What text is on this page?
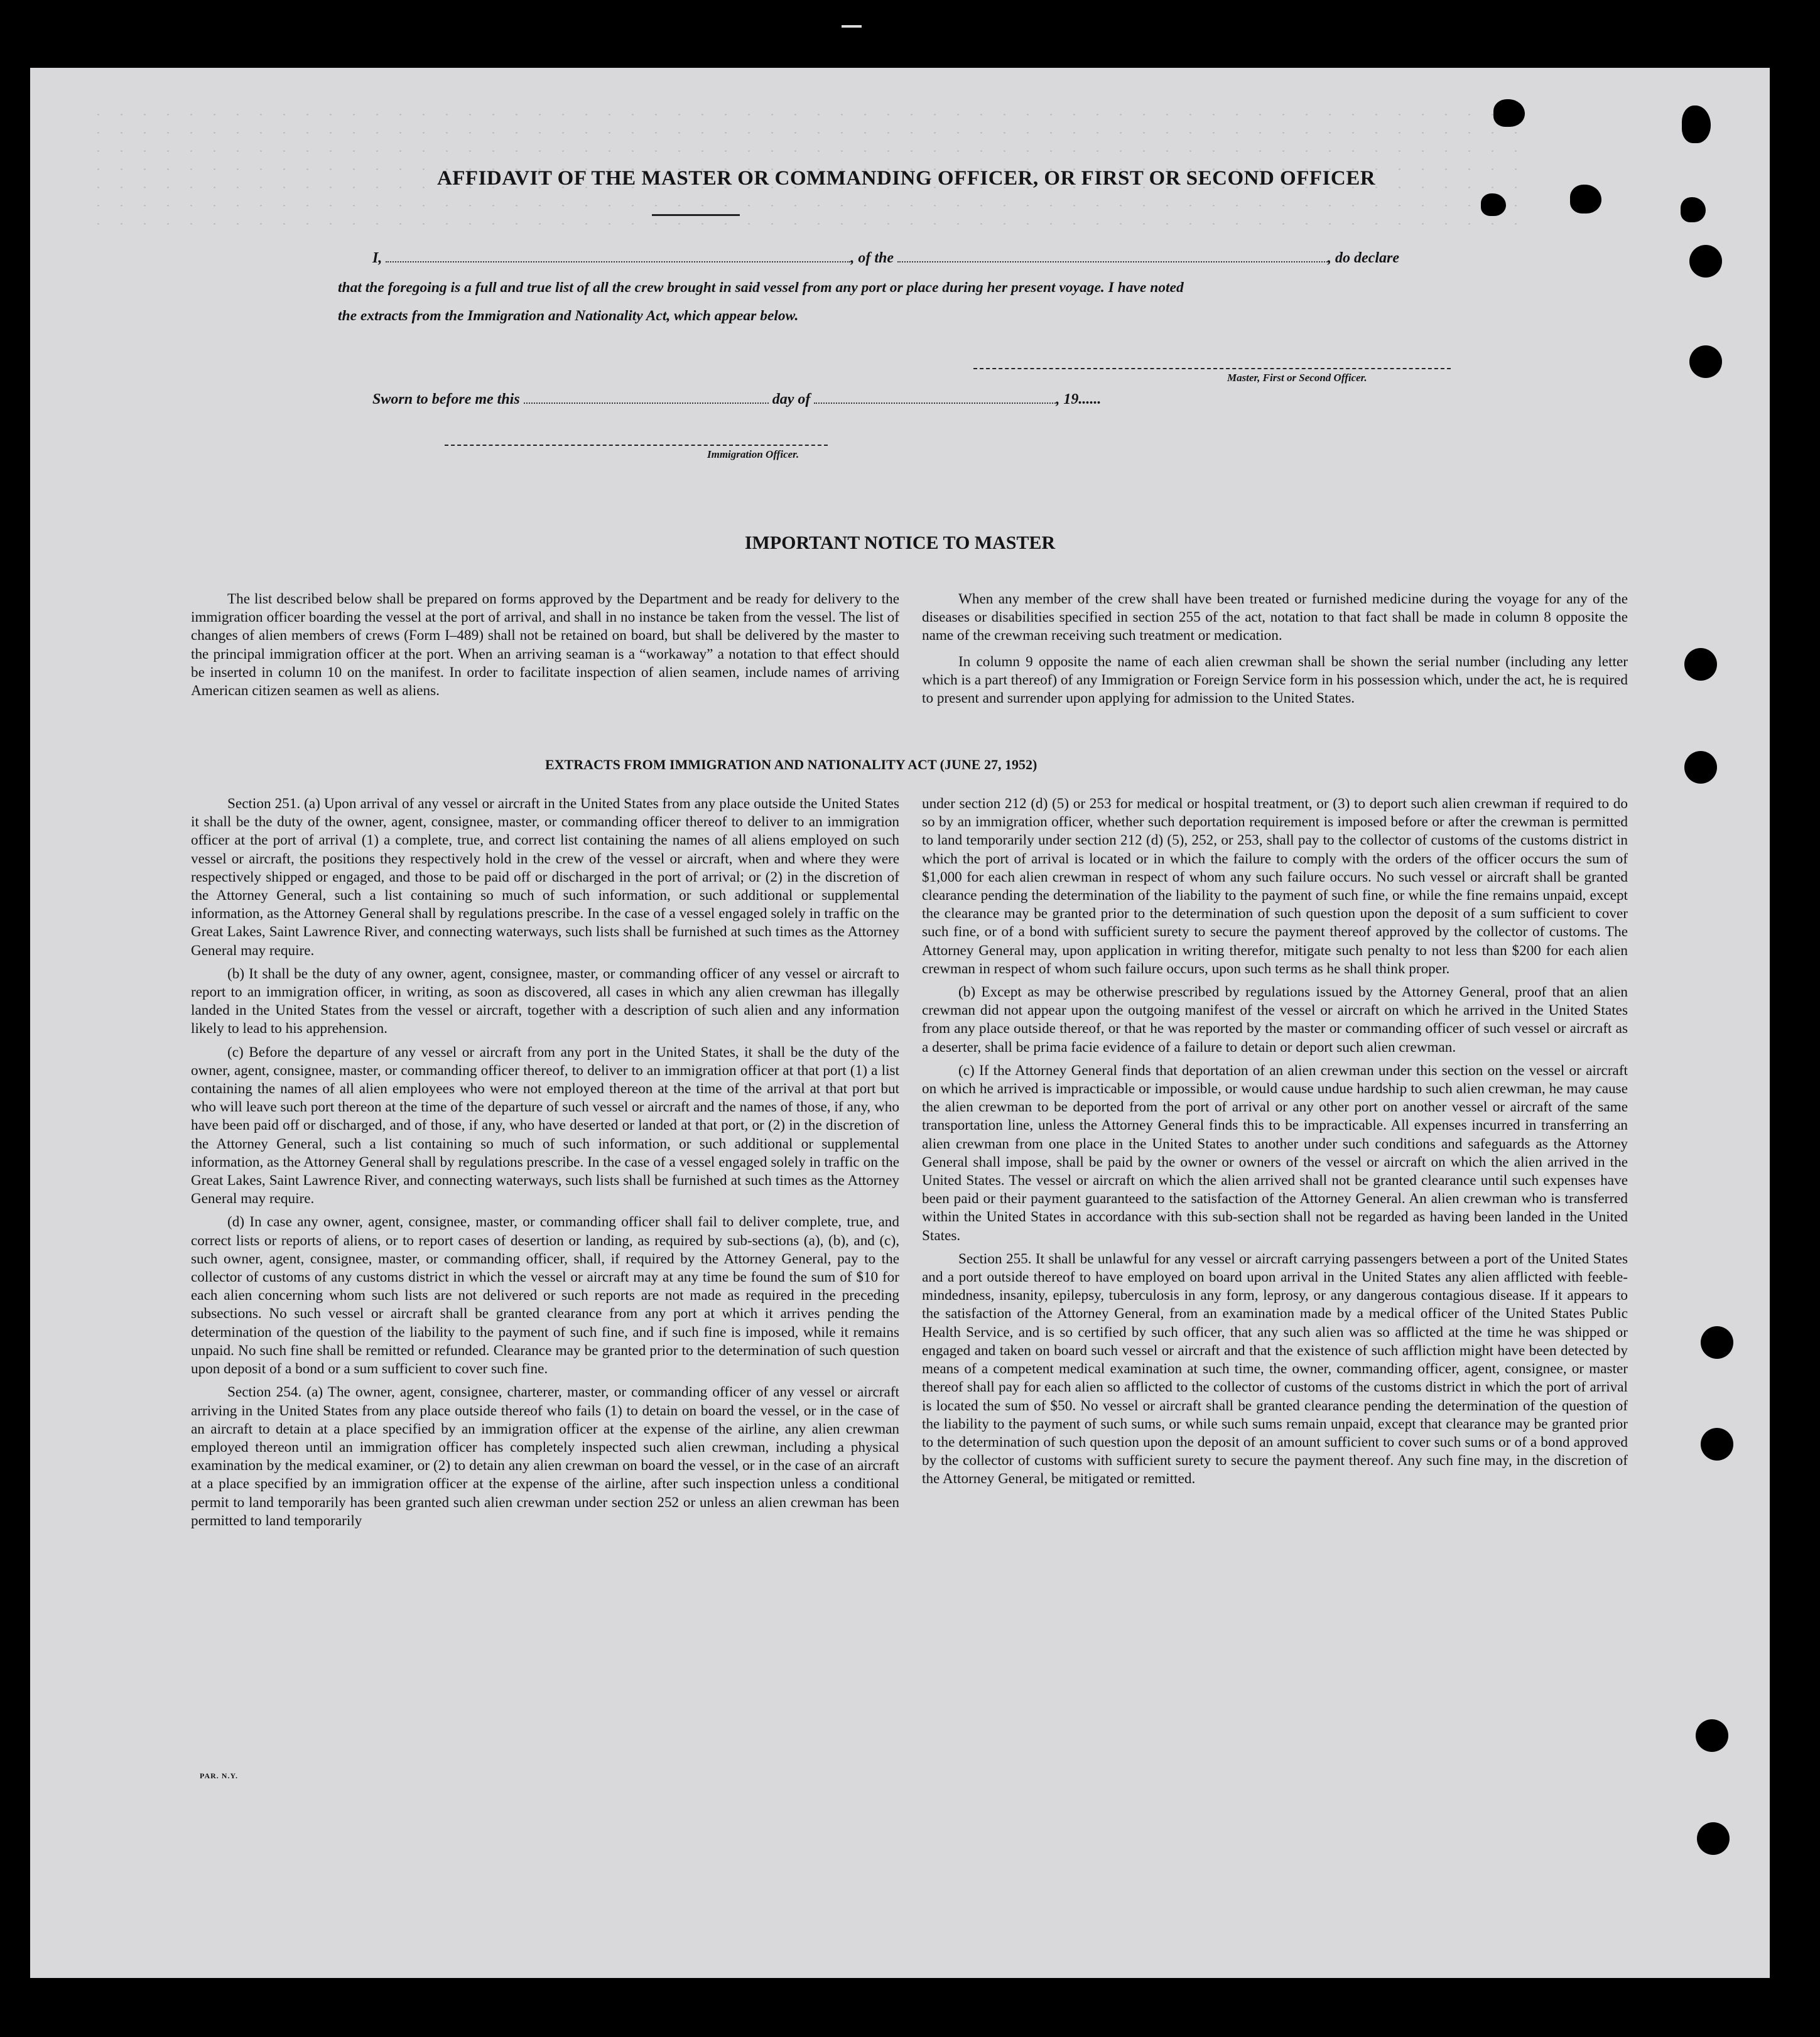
AFFIDAVIT OF THE MASTER OR COMMANDING OFFICER, OR FIRST OR SECOND OFFICER
I,	, of the	, do declare
that the foregoing is a full and true list of all the crew brought in said vessel from any port or place during her present voyage. I have noted
the extracts from the Immigration and Nationality Act, which appear below.
Master, First or Second Officer.
Sworn to before me this	day of	, 19......
Immigration Officer.
IMPORTANT NOTICE TO MASTER

The list described below shall be prepared on forms approved by the Department and be ready for delivery to the immigration officer boarding the vessel at the port of arrival, and shall in no instance be taken from the vessel. The list of changes of alien members of crews (Form I–489) shall not be retained on board, but shall be delivered by the master to the principal immigration officer at the port. When an arriving seaman is a “workaway” a notation to that effect should be inserted in column 10 on the manifest. In order to facilitate inspection of alien seamen, include names of arriving American citizen seamen as well as aliens.

When any member of the crew shall have been treated or furnished medicine during the voyage for any of the diseases or disabilities specified in section 255 of the act, notation to that fact shall be made in column 8 opposite the name of the crewman receiving such treatment or medication.

In column 9 opposite the name of each alien crewman shall be shown the serial number (including any letter which is a part thereof) of any Immigration or Foreign Service form in his possession which, under the act, he is required to present and surrender upon applying for admission to the United States.

EXTRACTS FROM IMMIGRATION AND NATIONALITY ACT (JUNE 27, 1952)

Section 251. (a) Upon arrival of any vessel or aircraft in the United States from any place outside the United States it shall be the duty of the owner, agent, consignee, master, or commanding officer thereof to deliver to an immigration officer at the port of arrival (1) a complete, true, and correct list containing the names of all aliens employed on such vessel or aircraft, the positions they respectively hold in the crew of the vessel or aircraft, when and where they were respectively shipped or engaged, and those to be paid off or discharged in the port of arrival; or (2) in the discretion of the Attorney General, such a list containing so much of such information, or such additional or supplemental information, as the Attorney General shall by regulations prescribe. In the case of a vessel engaged solely in traffic on the Great Lakes, Saint Lawrence River, and connecting waterways, such lists shall be furnished at such times as the Attorney General may require.

(b) It shall be the duty of any owner, agent, consignee, master, or commanding officer of any vessel or aircraft to report to an immigration officer, in writing, as soon as discovered, all cases in which any alien crewman has illegally landed in the United States from the vessel or aircraft, together with a description of such alien and any information likely to lead to his apprehension.

(c) Before the departure of any vessel or aircraft from any port in the United States, it shall be the duty of the owner, agent, consignee, master, or commanding officer thereof, to deliver to an immigration officer at that port (1) a list containing the names of all alien employees who were not employed thereon at the time of the arrival at that port but who will leave such port thereon at the time of the departure of such vessel or aircraft and the names of those, if any, who have been paid off or discharged, and of those, if any, who have deserted or landed at that port, or (2) in the discretion of the Attorney General, such a list containing so much of such information, or such additional or supplemental information, as the Attorney General shall by regulations prescribe. In the case of a vessel engaged solely in traffic on the Great Lakes, Saint Lawrence River, and connecting waterways, such lists shall be furnished at such times as the Attorney General may require.

(d) In case any owner, agent, consignee, master, or commanding officer shall fail to deliver complete, true, and correct lists or reports of aliens, or to report cases of desertion or landing, as required by sub-sections (a), (b), and (c), such owner, agent, consignee, master, or commanding officer, shall, if required by the Attorney General, pay to the collector of customs of any customs district in which the vessel or aircraft may at any time be found the sum of $10 for each alien concerning whom such lists are not delivered or such reports are not made as required in the preceding subsections. No such vessel or aircraft shall be granted clearance from any port at which it arrives pending the determination of the question of the liability to the payment of such fine, and if such fine is imposed, while it remains unpaid. No such fine shall be remitted or refunded. Clearance may be granted prior to the determination of such question upon deposit of a bond or a sum sufficient to cover such fine.

Section 254. (a) The owner, agent, consignee, charterer, master, or commanding officer of any vessel or aircraft arriving in the United States from any place outside thereof who fails (1) to detain on board the vessel, or in the case of an aircraft to detain at a place specified by an immigration officer at the expense of the airline, any alien crewman employed thereon until an immigration officer has completely inspected such alien crewman, including a physical examination by the medical examiner, or (2) to detain any alien crewman on board the vessel, or in the case of an aircraft at a place specified by an immigration officer at the expense of the airline, after such inspection unless a conditional permit to land temporarily has been granted such alien crewman under section 252 or unless an alien crewman has been permitted to land temporarily

under section 212 (d) (5) or 253 for medical or hospital treatment, or (3) to deport such alien crewman if required to do so by an immigration officer, whether such deportation requirement is imposed before or after the crewman is permitted to land temporarily under section 212 (d) (5), 252, or 253, shall pay to the collector of customs of the customs district in which the port of arrival is located or in which the failure to comply with the orders of the officer occurs the sum of $1,000 for each alien crewman in respect of whom any such failure occurs. No such vessel or aircraft shall be granted clearance pending the determination of the liability to the payment of such fine, or while the fine remains unpaid, except the clearance may be granted prior to the determination of such question upon the deposit of a sum sufficient to cover such fine, or of a bond with sufficient surety to secure the payment thereof approved by the collector of customs. The Attorney General may, upon application in writing therefor, mitigate such penalty to not less than $200 for each alien crewman in respect of whom such failure occurs, upon such terms as he shall think proper.

(b) Except as may be otherwise prescribed by regulations issued by the Attorney General, proof that an alien crewman did not appear upon the outgoing manifest of the vessel or aircraft on which he arrived in the United States from any place outside thereof, or that he was reported by the master or commanding officer of such vessel or aircraft as a deserter, shall be prima facie evidence of a failure to detain or deport such alien crewman.

(c) If the Attorney General finds that deportation of an alien crewman under this section on the vessel or aircraft on which he arrived is impracticable or impossible, or would cause undue hardship to such alien crewman, he may cause the alien crewman to be deported from the port of arrival or any other port on another vessel or aircraft of the same transportation line, unless the Attorney General finds this to be impracticable. All expenses incurred in transferring an alien crewman from one place in the United States to another under such conditions and safeguards as the Attorney General shall impose, shall be paid by the owner or owners of the vessel or aircraft on which the alien arrived in the United States. The vessel or aircraft on which the alien arrived shall not be granted clearance until such expenses have been paid or their payment guaranteed to the satisfaction of the Attorney General. An alien crewman who is transferred within the United States in accordance with this sub-section shall not be regarded as having been landed in the United States.

Section 255. It shall be unlawful for any vessel or aircraft carrying passengers between a port of the United States and a port outside thereof to have employed on board upon arrival in the United States any alien afflicted with feeble-mindedness, insanity, epilepsy, tuberculosis in any form, leprosy, or any dangerous contagious disease. If it appears to the satisfaction of the Attorney General, from an examination made by a medical officer of the United States Public Health Service, and is so certified by such officer, that any such alien was so afflicted at the time he was shipped or engaged and taken on board such vessel or aircraft and that the existence of such affliction might have been detected by means of a competent medical examination at such time, the owner, commanding officer, agent, consignee, or master thereof shall pay for each alien so afflicted to the collector of customs of the customs district in which the port of arrival is located the sum of $50. No vessel or aircraft shall be granted clearance pending the determination of the question of the liability to the payment of such sums, or while such sums remain unpaid, except that clearance may be granted prior to the determination of such question upon the deposit of an amount sufficient to cover such sums or of a bond approved by the collector of customs with sufficient surety to secure the payment thereof. Any such fine may, in the discretion of the Attorney General, be mitigated or remitted.

PAR. N.Y.
